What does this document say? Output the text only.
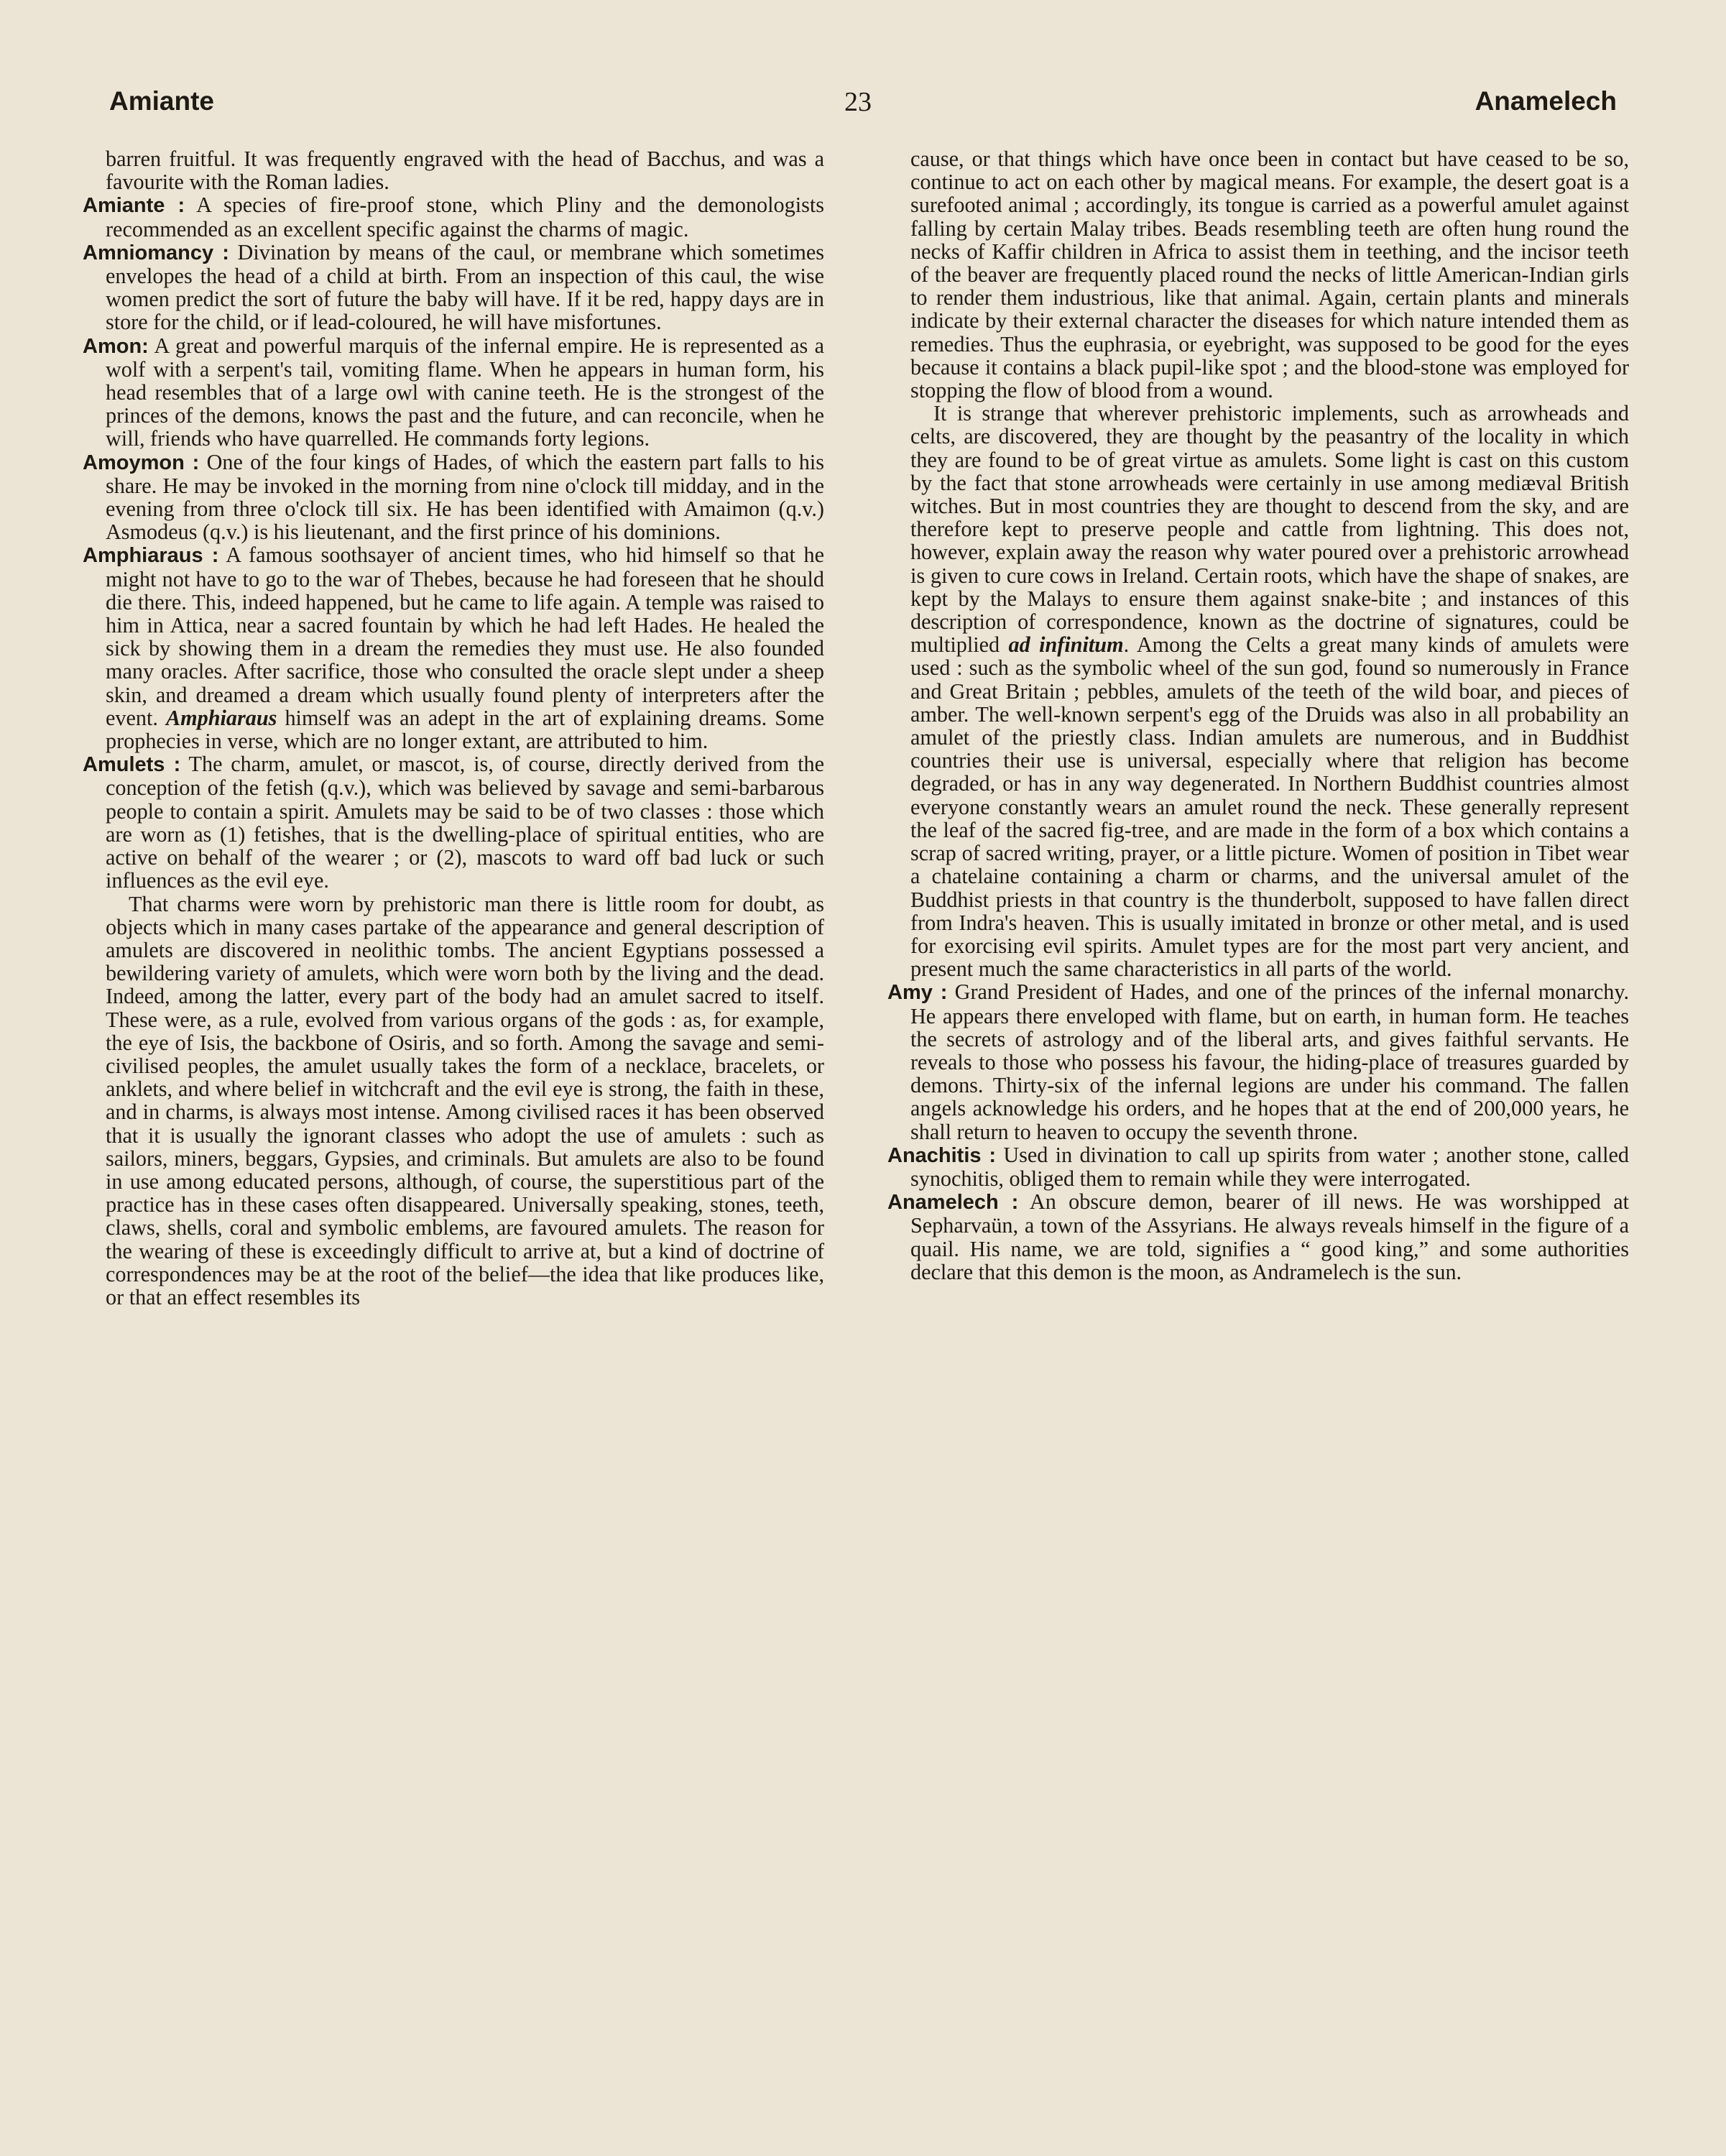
Amiante	23	Anamelech

barren fruitful. It was frequently engraved with the head of Bacchus, and was a favourite with the Roman ladies.

Amiante : A species of fire-proof stone, which Pliny and the demonologists recommended as an excellent specific against the charms of magic.

Amniomancy : Divination by means of the caul, or membrane which sometimes envelopes the head of a child at birth. From an inspection of this caul, the wise women predict the sort of future the baby will have. If it be red, happy days are in store for the child, or if lead-coloured, he will have misfortunes.

Amon: A great and powerful marquis of the infernal empire. He is represented as a wolf with a serpent's tail, vomiting flame. When he appears in human form, his head resembles that of a large owl with canine teeth. He is the strongest of the princes of the demons, knows the past and the future, and can reconcile, when he will, friends who have quarrelled. He commands forty legions.

Amoymon : One of the four kings of Hades, of which the eastern part falls to his share. He may be invoked in the morning from nine o'clock till midday, and in the evening from three o'clock till six. He has been identified with Amaimon (q.v.) Asmodeus (q.v.) is his lieutenant, and the first prince of his dominions.

Amphiaraus : A famous soothsayer of ancient times, who hid himself so that he might not have to go to the war of Thebes, because he had foreseen that he should die there. This, indeed happened, but he came to life again. A temple was raised to him in Attica, near a sacred fountain by which he had left Hades. He healed the sick by showing them in a dream the remedies they must use. He also founded many oracles. After sacrifice, those who consulted the oracle slept under a sheep skin, and dreamed a dream which usually found plenty of interpreters after the event. Amphiaraus himself was an adept in the art of explaining dreams. Some prophecies in verse, which are no longer extant, are attributed to him.

Amulets : The charm, amulet, or mascot, is, of course, directly derived from the conception of the fetish (q.v.), which was believed by savage and semi-barbarous people to contain a spirit. Amulets may be said to be of two classes : those which are worn as (1) fetishes, that is the dwelling-place of spiritual entities, who are active on behalf of the wearer ; or (2), mascots to ward off bad luck or such influences as the evil eye.

That charms were worn by prehistoric man there is little room for doubt, as objects which in many cases partake of the appearance and general description of amulets are discovered in neolithic tombs. The ancient Egyptians possessed a bewildering variety of amulets, which were worn both by the living and the dead. Indeed, among the latter, every part of the body had an amulet sacred to itself. These were, as a rule, evolved from various organs of the gods : as, for example, the eye of Isis, the backbone of Osiris, and so forth. Among the savage and semi-civilised peoples, the amulet usually takes the form of a necklace, bracelets, or anklets, and where belief in witchcraft and the evil eye is strong, the faith in these, and in charms, is always most intense. Among civilised races it has been observed that it is usually the ignorant classes who adopt the use of amulets : such as sailors, miners, beggars, Gypsies, and criminals. But amulets are also to be found in use among educated persons, although, of course, the superstitious part of the practice has in these cases often disappeared. Universally speaking, stones, teeth, claws, shells, coral and symbolic emblems, are favoured amulets. The reason for the wearing of these is exceedingly difficult to arrive at, but a kind of doctrine of correspondences may be at the root of the belief—the idea that like produces like, or that an effect resembles its

cause, or that things which have once been in contact but have ceased to be so, continue to act on each other by magical means. For example, the desert goat is a surefooted animal ; accordingly, its tongue is carried as a powerful amulet against falling by certain Malay tribes. Beads resembling teeth are often hung round the necks of Kaffir children in Africa to assist them in teething, and the incisor teeth of the beaver are frequently placed round the necks of little American-Indian girls to render them industrious, like that animal. Again, certain plants and minerals indicate by their external character the diseases for which nature intended them as remedies. Thus the euphrasia, or eyebright, was supposed to be good for the eyes because it contains a black pupil-like spot ; and the blood-stone was employed for stopping the flow of blood from a wound.

It is strange that wherever prehistoric implements, such as arrowheads and celts, are discovered, they are thought by the peasantry of the locality in which they are found to be of great virtue as amulets. Some light is cast on this custom by the fact that stone arrowheads were certainly in use among mediæval British witches. But in most countries they are thought to descend from the sky, and are therefore kept to preserve people and cattle from lightning. This does not, however, explain away the reason why water poured over a prehistoric arrowhead is given to cure cows in Ireland. Certain roots, which have the shape of snakes, are kept by the Malays to ensure them against snake-bite ; and instances of this description of correspondence, known as the doctrine of signatures, could be multiplied ad infinitum. Among the Celts a great many kinds of amulets were used : such as the symbolic wheel of the sun god, found so numerously in France and Great Britain ; pebbles, amulets of the teeth of the wild boar, and pieces of amber. The well-known serpent's egg of the Druids was also in all probability an amulet of the priestly class. Indian amulets are numerous, and in Buddhist countries their use is universal, especially where that religion has become degraded, or has in any way degenerated. In Northern Buddhist countries almost everyone constantly wears an amulet round the neck. These generally represent the leaf of the sacred fig-tree, and are made in the form of a box which contains a scrap of sacred writing, prayer, or a little picture. Women of position in Tibet wear a chatelaine containing a charm or charms, and the universal amulet of the Buddhist priests in that country is the thunderbolt, supposed to have fallen direct from Indra's heaven. This is usually imitated in bronze or other metal, and is used for exorcising evil spirits. Amulet types are for the most part very ancient, and present much the same characteristics in all parts of the world.

Amy : Grand President of Hades, and one of the princes of the infernal monarchy. He appears there enveloped with flame, but on earth, in human form. He teaches the secrets of astrology and of the liberal arts, and gives faithful servants. He reveals to those who possess his favour, the hiding-place of treasures guarded by demons. Thirty-six of the infernal legions are under his command. The fallen angels acknowledge his orders, and he hopes that at the end of 200,000 years, he shall return to heaven to occupy the seventh throne.

Anachitis : Used in divination to call up spirits from water ; another stone, called synochitis, obliged them to remain while they were interrogated.

Anamelech : An obscure demon, bearer of ill news. He was worshipped at Sepharvaün, a town of the Assyrians. He always reveals himself in the figure of a quail. His name, we are told, signifies a “ good king,” and some authorities declare that this demon is the moon, as Andramelech is the sun.
